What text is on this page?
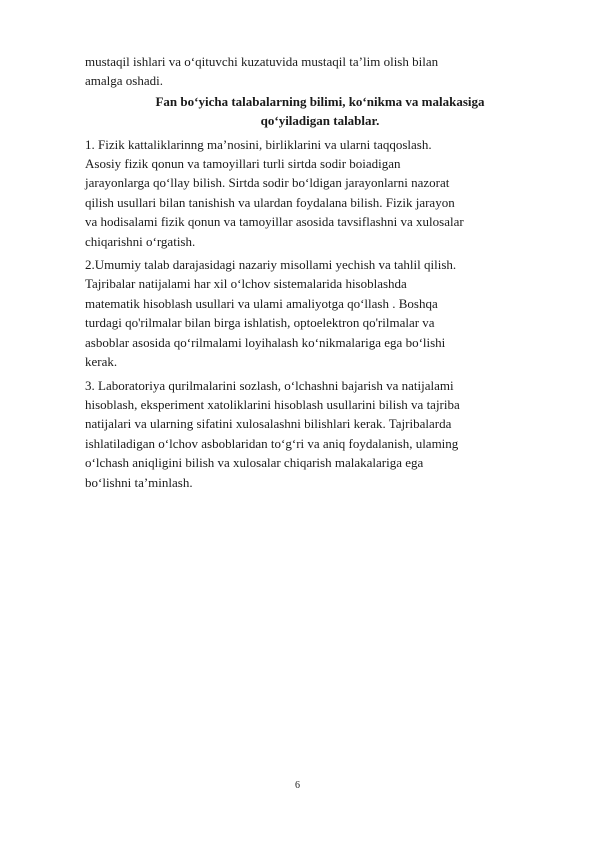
mustaqil ishlari va o‘qituvchi kuzatuvida mustaqil ta’lim olish bilan
amalga oshadi.
Fan bo‘yicha talabalarning bilimi, ko‘nikma va malakasiga
qo‘yiladigan talablar.
1. Fizik kattaliklarinng ma’nosini, birliklarini va ularni taqqoslash.
Asosiy fizik qonun va tamoyillari turli sirtda sodir boiadigan
jarayonlarga qo‘llay bilish. Sirtda sodir bo‘ldigan jarayonlarni nazorat
qilish usullari bilan tanishish va ulardan foydalana bilish. Fizik jarayon
va hodisalami fizik qonun va tamoyillar asosida tavsiflashni va xulosalar
chiqarishni o‘rgatish.
2.Umumiy talab darajasidagi nazariy misollami yechish va tahlil qilish.
Tajribalar natijalami har xil o‘lchov sistemalarida hisoblashda
matematik hisoblash usullari va ulami amaliyotga qo‘llash . Boshqa
turdagi qo'rilmalar bilan birga ishlatish, optoelektron qo'rilmalar va
asboblar asosida qo‘rilmalami loyihalash ko‘nikmalariga ega bo‘lishi
kerak.
3. Laboratoriya qurilmalarini sozlash, o‘lchashni bajarish va natijalami
hisoblash, eksperiment xatoliklarini hisoblash usullarini bilish va tajriba
natijalari va ularning sifatini xulosalashni bilishlari kerak. Tajribalarda
ishlatiladigan o‘lchov asboblaridan to‘g‘ri va aniq foydalanish, ulaming
o‘lchash aniqligini bilish va xulosalar chiqarish malakalariga ega
bo‘lishni ta’minlash.
6
